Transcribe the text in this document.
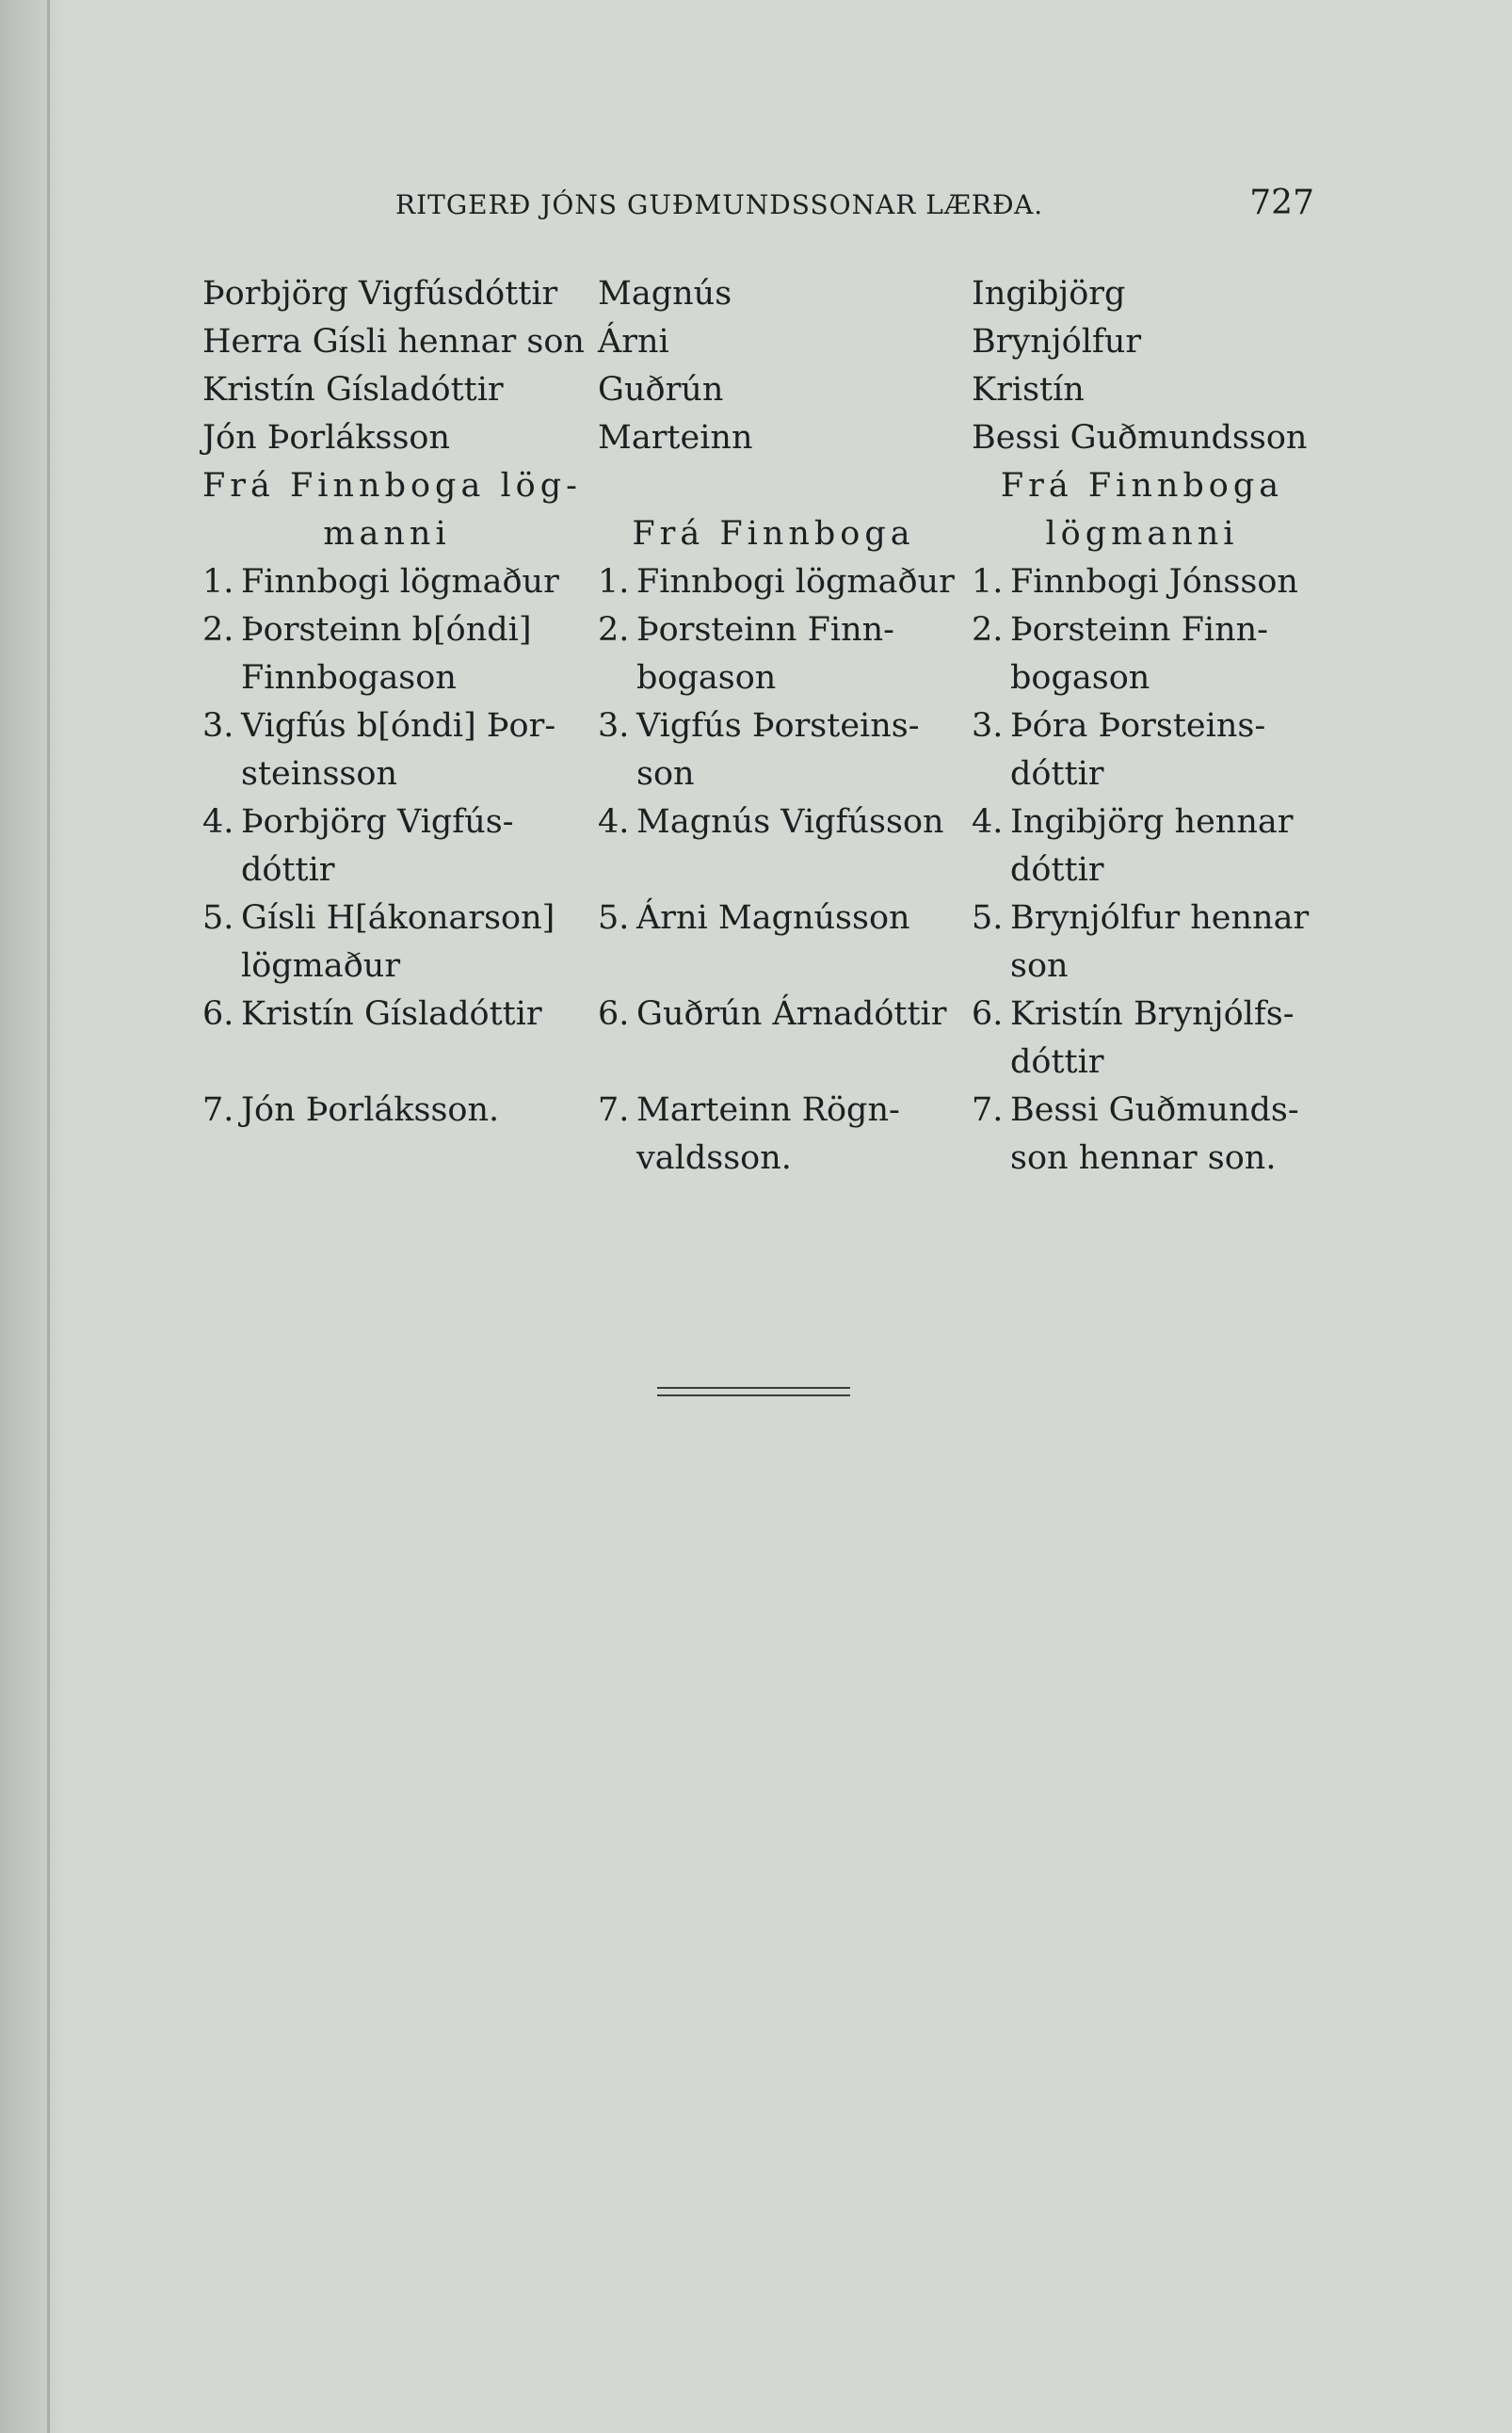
RITGERÐ JÓNS GUÐMUNDSSONAR LÆRÐA.	727
Þorbjörg Vigfúsdóttir
Herra Gísli hennar son
Kristín Gísladóttir
Jón Þorláksson
Frá Finnboga lög-
manni
1. Finnbogi lögmaður
2. Þorsteinn b[óndi]
Finnbogason
3. Vigfús b[óndi] Þor-
steinsson
4. Þorbjörg Vigfús-
dóttir
5. Gísli H[ákonarson]
lögmaður
6. Kristín Gísladóttir
7. Jón Þorláksson.
Magnús
Árni
Guðrún
Marteinn
Frá Finnboga
1. Finnbogi lögmaður
2. Þorsteinn Finn-
bogason
3. Vigfús Þorsteins-
son
4. Magnús Vigfússon
5. Árni Magnússon
6. Guðrún Árnadóttir
7. Marteinn Rögn-
valdsson.
Ingibjörg
Brynjólfur
Kristín
Bessi Guðmundsson
Frá Finnboga
lögmanni
1. Finnbogi Jónsson
2. Þorsteinn Finn-
bogason
3. Þóra Þorsteins-
dóttir
4. Ingibjörg hennar
dóttir
5. Brynjólfur hennar
son
6. Kristín Brynjólfs-
dóttir
7. Bessi Guðmunds-
son hennar son.
